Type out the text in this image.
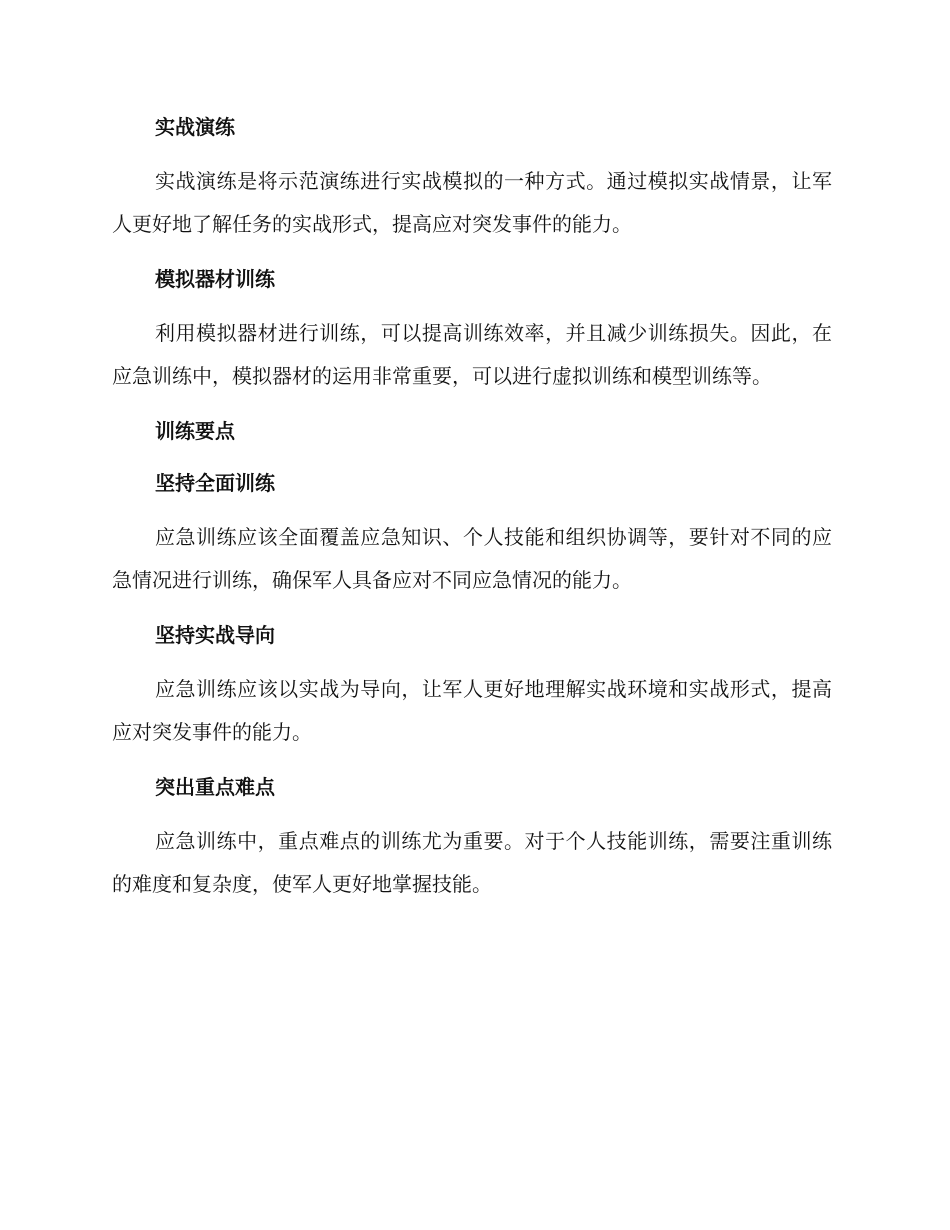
实战演练

实战演练是将示范演练进行实战模拟的一种方式。通过模拟实战情景，让军人更好地了解任务的实战形式，提高应对突发事件的能力。

模拟器材训练

利用模拟器材进行训练，可以提高训练效率，并且减少训练损失。因此，在应急训练中，模拟器材的运用非常重要，可以进行虚拟训练和模型训练等。

训练要点
坚持全面训练

应急训练应该全面覆盖应急知识、个人技能和组织协调等，要针对不同的应急情况进行训练，确保军人具备应对不同应急情况的能力。

坚持实战导向

应急训练应该以实战为导向，让军人更好地理解实战环境和实战形式，提高应对突发事件的能力。

突出重点难点

应急训练中，重点难点的训练尤为重要。对于个人技能训练，需要注重训练的难度和复杂度，使军人更好地掌握技能。
